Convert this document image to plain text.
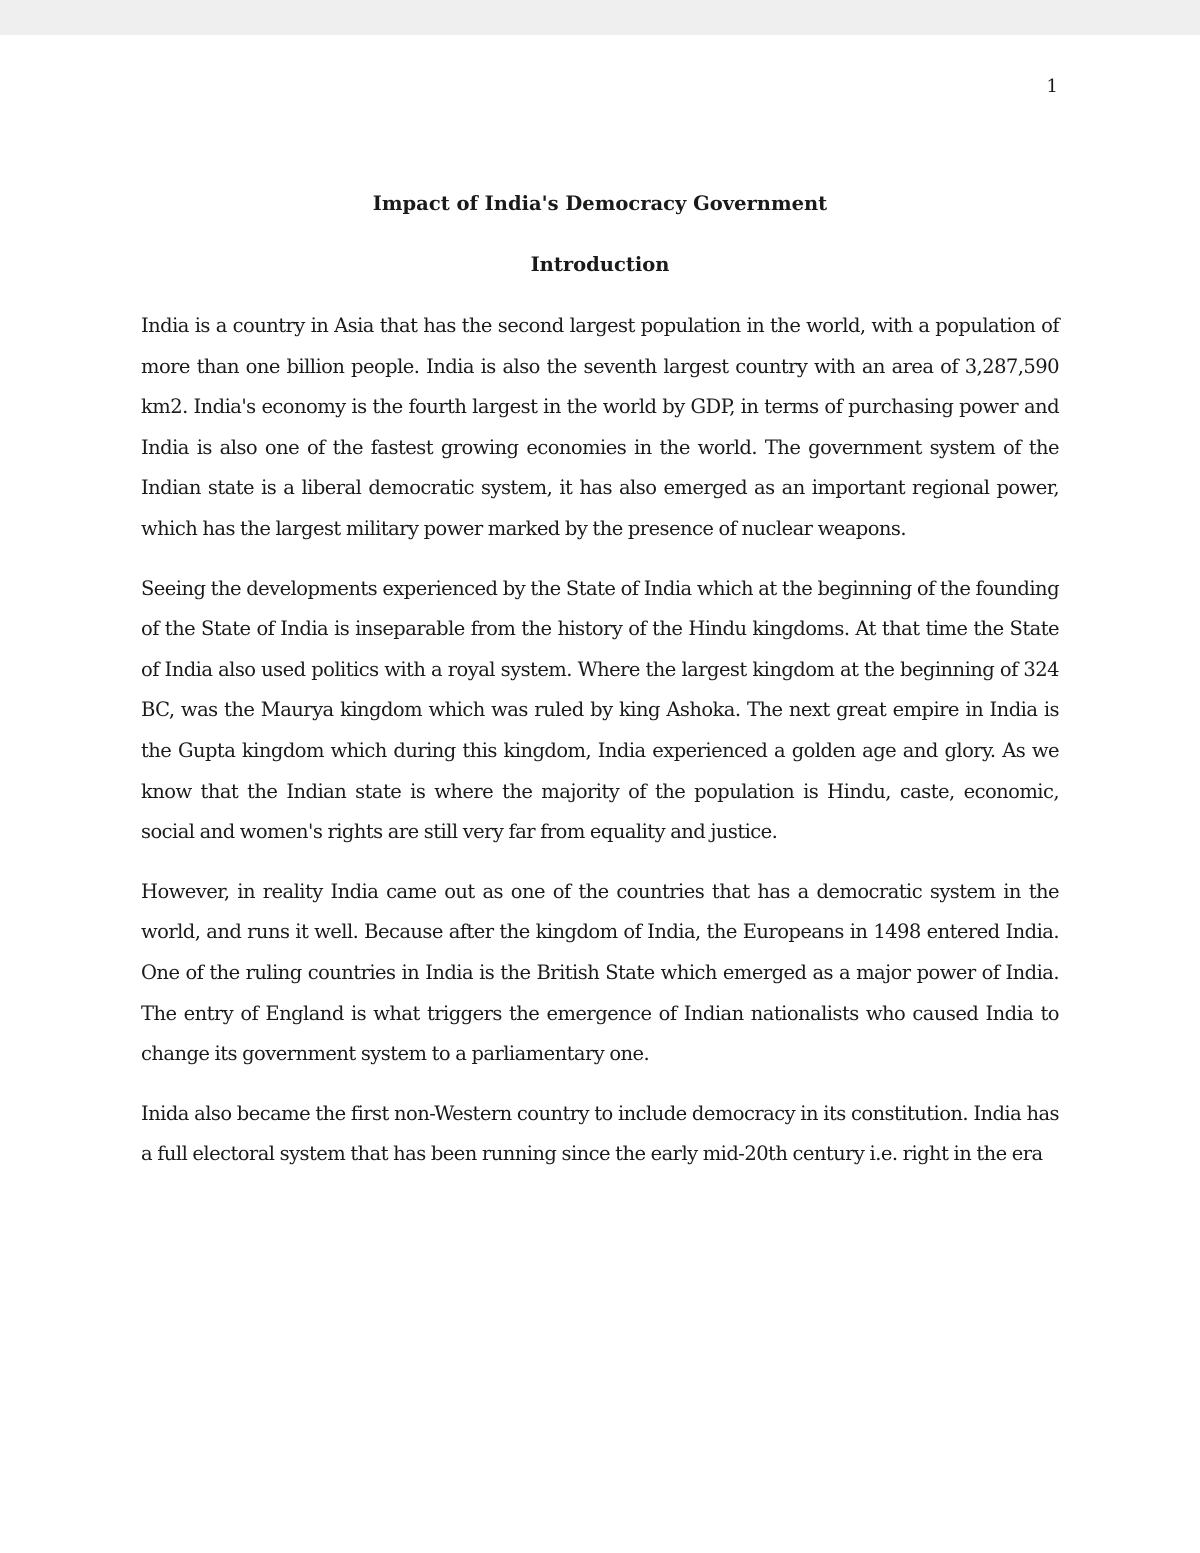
1
Impact of India's Democracy Government
Introduction

India is a country in Asia that has the second largest population in the world, with a population of more than one billion people. India is also the seventh largest country with an area of 3,287,590 km2. India's economy is the fourth largest in the world by GDP, in terms of purchasing power and India is also one of the fastest growing economies in the world. The government system of the Indian state is a liberal democratic system, it has also emerged as an important regional power, which has the largest military power marked by the presence of nuclear weapons.

Seeing the developments experienced by the State of India which at the beginning of the founding of the State of India is inseparable from the history of the Hindu kingdoms. At that time the State of India also used politics with a royal system. Where the largest kingdom at the beginning of 324 BC, was the Maurya kingdom which was ruled by king Ashoka. The next great empire in India is the Gupta kingdom which during this kingdom, India experienced a golden age and glory. As we know that the Indian state is where the majority of the population is Hindu, caste, economic, social and women's rights are still very far from equality and justice.

However, in reality India came out as one of the countries that has a democratic system in the world, and runs it well. Because after the kingdom of India, the Europeans in 1498 entered India. One of the ruling countries in India is the British State which emerged as a major power of India. The entry of England is what triggers the emergence of Indian nationalists who caused India to change its government system to a parliamentary one.

Inida also became the first non-Western country to include democracy in its constitution. India has a full electoral system that has been running since the early mid-20th century i.e. right in the era
